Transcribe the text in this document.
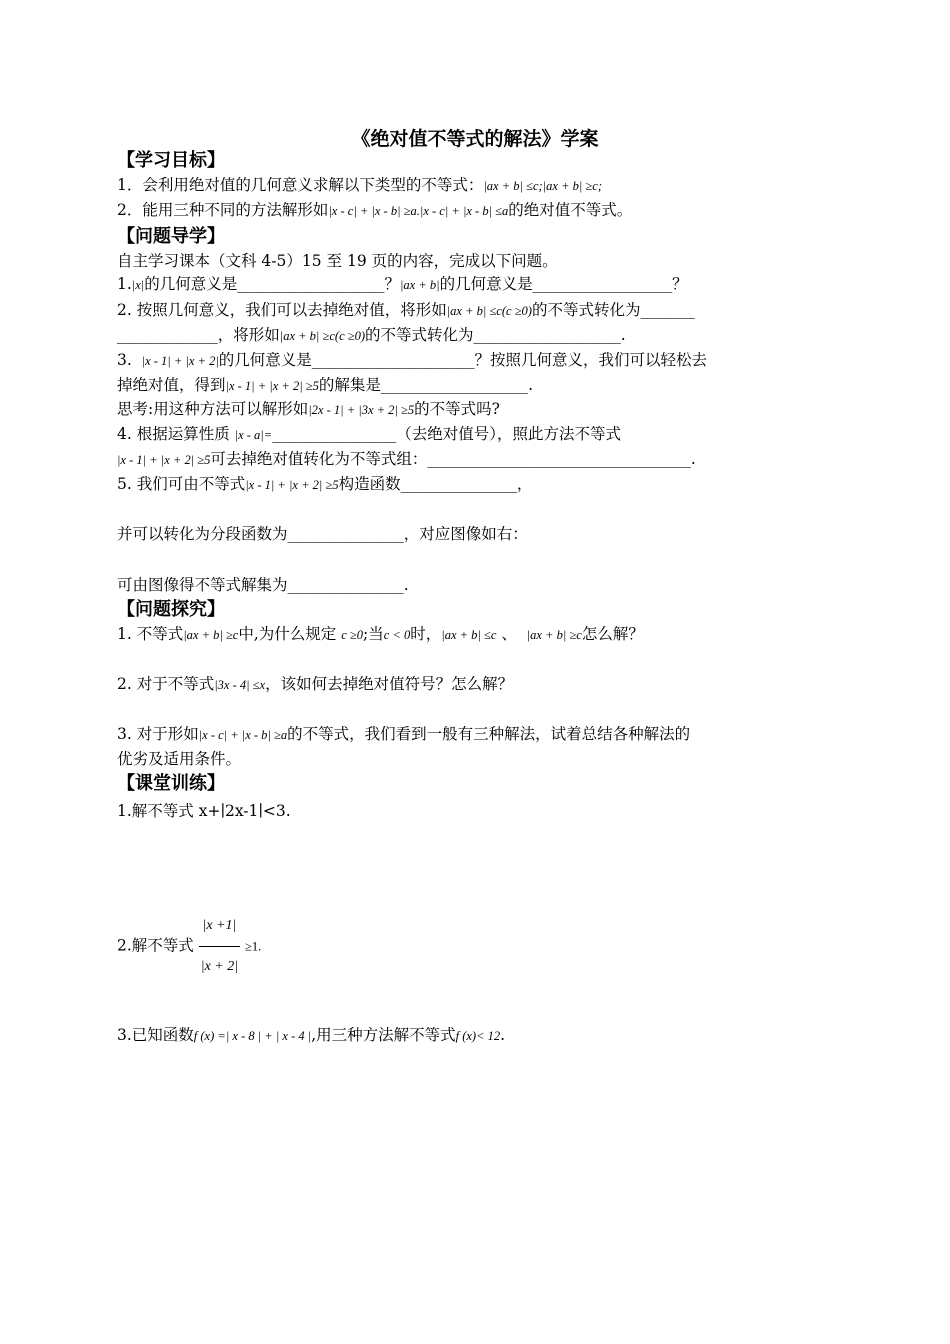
《绝对值不等式的解法》学案
【学习目标】
1．会利用绝对值的几何意义求解以下类型的不等式：|ax + b| ≤c;|ax + b| ≥c;
2．能用三种不同的方法解形如|x - c| + |x - b| ≥a.|x - c| + |x - b| ≤a的绝对值不等式。
【问题导学】
自主学习课本（文科 4-5）15 至 19 页的内容，完成以下问题。
1.|x|的几何意义是___________________？|ax + b|的几何意义是__________________？
2. 按照几何意义，我们可以去掉绝对值，将形如|ax + b| ≤c(c ≥0)的不等式转化为_______
_____________，将形如|ax + b| ≥c(c ≥0)的不等式转化为___________________.
3. |x - 1| + |x + 2|的几何意义是_____________________？按照几何意义，我们可以轻松去
掉绝对值，得到|x - 1| + |x + 2| ≥5的解集是___________________.
思考:用这种方法可以解形如|2x - 1| + |3x + 2| ≥5的不等式吗?
4. 根据运算性质 |x - a|=________________（去绝对值号），照此方法不等式
|x - 1| + |x + 2| ≥5可去掉绝对值转化为不等式组：__________________________________.
5. 我们可由不等式|x - 1| + |x + 2| ≥5构造函数_______________，
并可以转化为分段函数为_______________，对应图像如右：
可由图像得不等式解集为_______________.
【问题探究】
1. 不等式|ax + b| ≥c中,为什么规定 c ≥0;当c < 0时，|ax + b| ≤c 、 |ax + b| ≥c怎么解？
2. 对于不等式|3x - 4| ≤x，该如何去掉绝对值符号？怎么解？
3. 对于形如|x - c| + |x - b| ≥a的不等式，我们看到一般有三种解法，试着总结各种解法的
优劣及适用条件。
【课堂训练】
1.解不等式 x+∣2x-1∣<3.
2.解不等式 $\frac{|x +1|}{|x + 2|} \ge 1$.
3.已知函数f (x) =| x - 8 | + | x - 4 |,用三种方法解不等式f (x)< 12.
